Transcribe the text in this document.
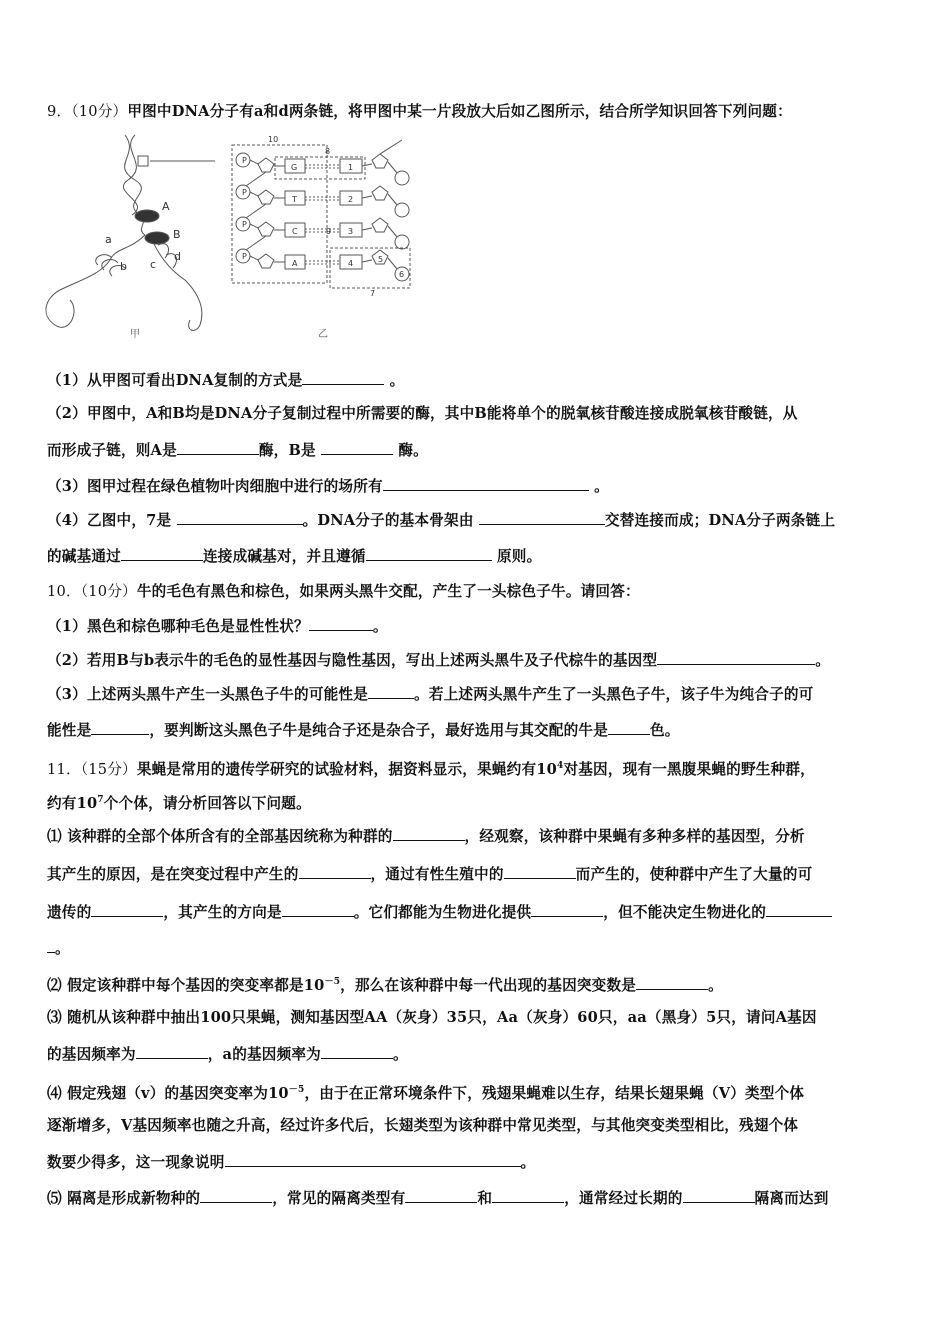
9．（10分）甲图中DNA分子有a和d两条链，将甲图中某一片段放大后如乙图所示，结合所学知识回答下列问题：
A
B
a
b c
d
甲
P
P
P
P
G
T
C
A
1
2
3
4	5
6
10
8
9
7
乙
（1）从甲图可看出DNA复制的方式是	。
（2）甲图中，A和B均是DNA分子复制过程中所需要的酶，其中B能将单个的脱氧核苷酸连接成脱氧核苷酸链，从
而形成子链，则A是	酶，B是	酶。
（3）图甲过程在绿色植物叶肉细胞中进行的场所有	。
（4）乙图中，7是	。DNA分子的基本骨架由	交替连接而成；DNA分子两条链上
的碱基通过	连接成碱基对，并且遵循	原则。
10．（10分）牛的毛色有黑色和棕色，如果两头黑牛交配，产生了一头棕色子牛。请回答：
（1）黑色和棕色哪种毛色是显性性状？	。
（2）若用B与b表示牛的毛色的显性基因与隐性基因，写出上述两头黑牛及子代棕牛的基因型	。
（3）上述两头黑牛产生一头黑色子牛的可能性是	。若上述两头黑牛产生了一头黑色子牛，该子牛为纯合子的可
能性是	，要判断这头黑色子牛是纯合子还是杂合子，最好选用与其交配的牛是	色。
11．（15分）果蝇是常用的遗传学研究的试验材料，据资料显示，果蝇约有$10^4$对基因，现有一黑腹果蝇的野生种群，
约有$10^7$个个体，请分析回答以下问题。
⑴ 该种群的全部个体所含有的全部基因统称为种群的	，经观察，该种群中果蝇有多种多样的基因型，分析
其产生的原因，是在突变过程中产生的	，通过有性生殖中的	而产生的，使种群中产生了大量的可
遗传的	，其产生的方向是	。它们都能为生物进化提供	，但不能决定生物进化的
。
⑵ 假定该种群中每个基因的突变率都是$10^{-5}$，那么在该种群中每一代出现的基因突变数是	。
⑶ 随机从该种群中抽出100只果蝇，测知基因型AA（灰身）35只，Aa（灰身）60只，aa（黑身）5只，请问A基因
的基因频率为	，a的基因频率为	。
⑷ 假定残翅（v）的基因突变率为$10^{-5}$，由于在正常环境条件下，残翅果蝇难以生存，结果长翅果蝇（V）类型个体
逐渐增多，V基因频率也随之升高，经过许多代后，长翅类型为该种群中常见类型，与其他突变类型相比，残翅个体
数要少得多，这一现象说明	。
⑸ 隔离是形成新物种的	，常见的隔离类型有	和	，通常经过长期的	隔离而达到
